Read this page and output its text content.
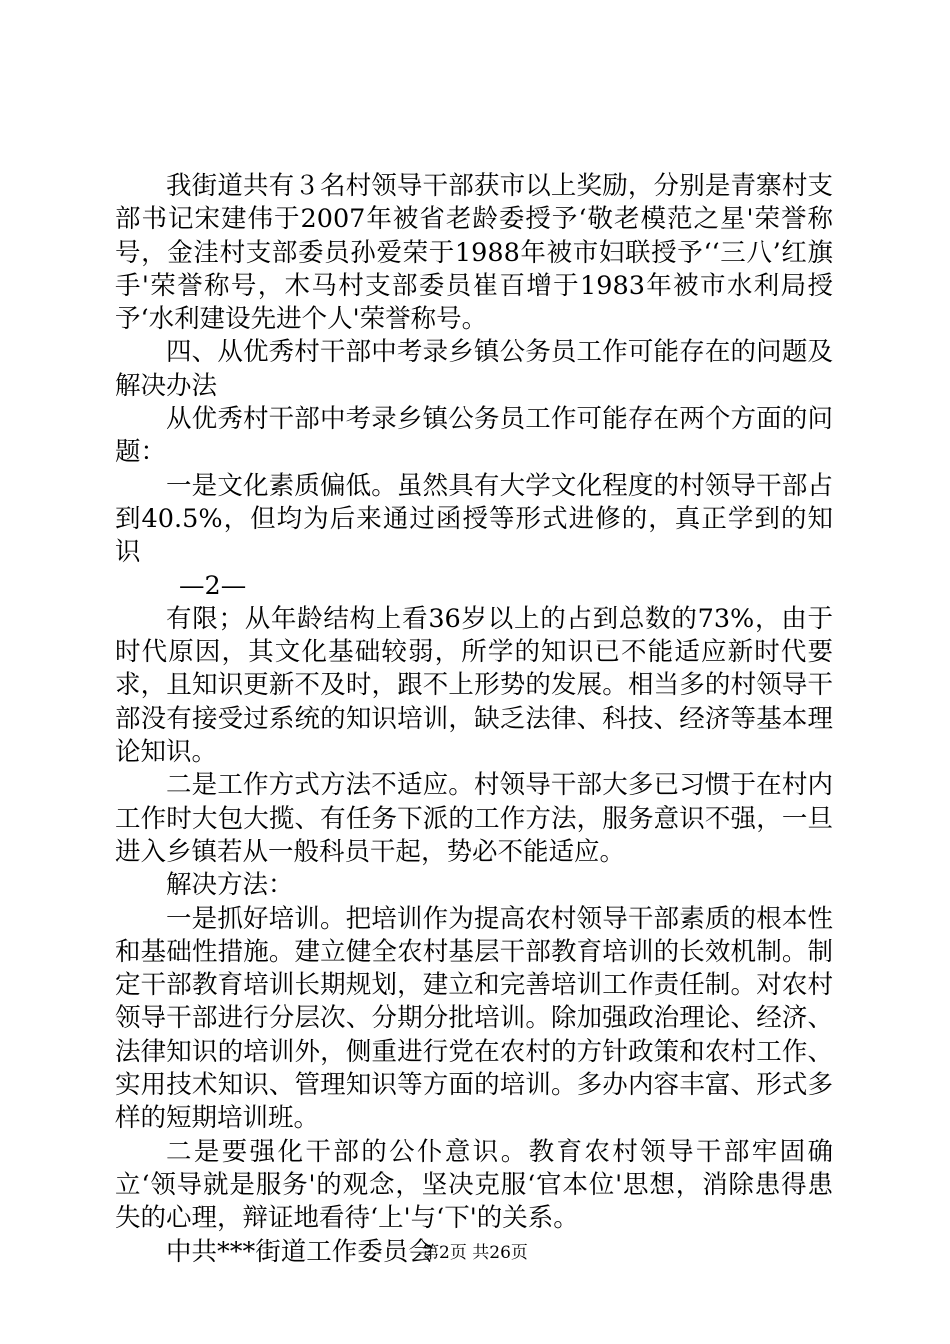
我街道共有３名村领导干部获市以上奖励，分别是青寨村支部书记宋建伟于2007年被省老龄委授予‘敬老模范之星'荣誉称号，金洼村支部委员孙爱荣于1988年被市妇联授予‘‘三八’红旗手'荣誉称号，木马村支部委员崔百增于1983年被市水利局授予‘水利建设先进个人'荣誉称号。

四、从优秀村干部中考录乡镇公务员工作可能存在的问题及解决办法

从优秀村干部中考录乡镇公务员工作可能存在两个方面的问题：

一是文化素质偏低。虽然具有大学文化程度的村领导干部占到40.5%，但均为后来通过函授等形式进修的，真正学到的知识

—2—

有限；从年龄结构上看36岁以上的占到总数的73%，由于时代原因，其文化基础较弱，所学的知识已不能适应新时代要求，且知识更新不及时，跟不上形势的发展。相当多的村领导干部没有接受过系统的知识培训，缺乏法律、科技、经济等基本理论知识。

二是工作方式方法不适应。村领导干部大多已习惯于在村内工作时大包大揽、有任务下派的工作方法，服务意识不强，一旦进入乡镇若从一般科员干起，势必不能适应。

解决方法：

一是抓好培训。把培训作为提高农村领导干部素质的根本性和基础性措施。建立健全农村基层干部教育培训的长效机制。制定干部教育培训长期规划，建立和完善培训工作责任制。对农村领导干部进行分层次、分期分批培训。除加强政治理论、经济、法律知识的培训外，侧重进行党在农村的方针政策和农村工作、实用技术知识、管理知识等方面的培训。多办内容丰富、形式多样的短期培训班。

二是要强化干部的公仆意识。教育农村领导干部牢固确立‘领导就是服务'的观念，坚决克服‘官本位'思想，消除患得患失的心理，辩证地看待‘上'与‘下'的关系。

中共***街道工作委员会

第2页 共26页
